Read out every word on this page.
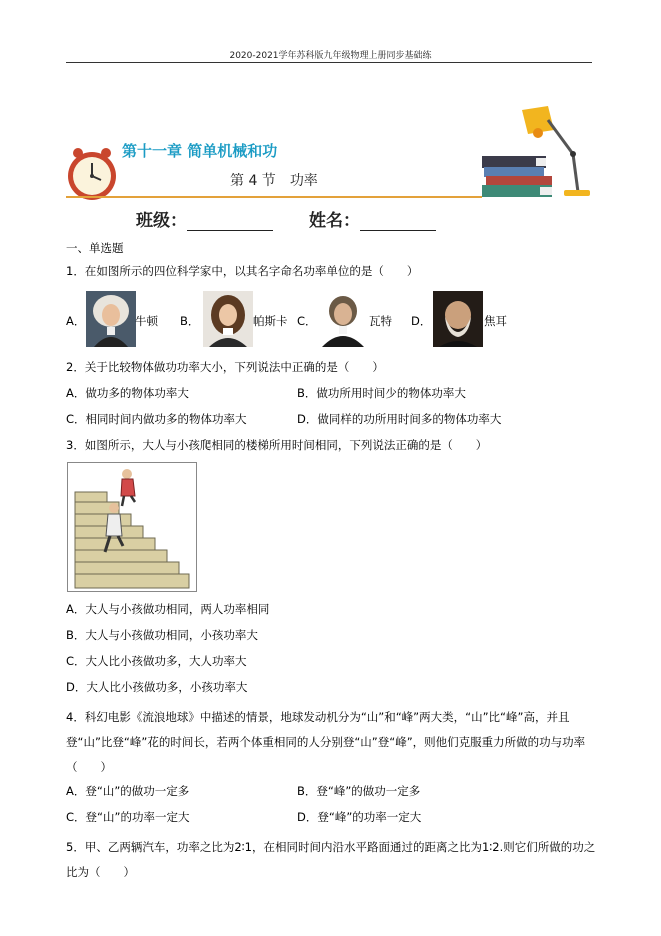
2020-2021学年苏科版九年级物理上册同步基础练
第十一章 简单机械和功
第 4 节 功率
班级：	姓名：
一、单选题
1．在如图所示的四位科学家中，以其名字命名功率单位的是（　　）
A．	牛顿 B．	帕斯卡 C．	瓦特 D．	焦耳
2．关于比较物体做功功率大小，下列说法中正确的是（　　）
A．做功多的物体功率大	B．做功所用时间少的物体功率大
C．相同时间内做功多的物体功率大	D．做同样的功所用时间多的物体功率大
3．如图所示，大人与小孩爬相同的楼梯所用时间相同，下列说法正确的是（　　）
A．大人与小孩做功相同，两人功率相同
B．大人与小孩做功相同，小孩功率大
C．大人比小孩做功多，大人功率大
D．大人比小孩做功多，小孩功率大
4．科幻电影《流浪地球》中描述的情景，地球发动机分为“山”和“峰”两大类，“山”比“峰”高，并且登“山”比登“峰”花的时间长，若两个体重相同的人分别登“山”登“峰”，则他们克服重力所做的功与功率（　　）
A．登“山”的做功一定多	B．登“峰”的做功一定多
C．登“山”的功率一定大	D．登“峰”的功率一定大
5．甲、乙两辆汽车，功率之比为2∶1，在相同时间内沿水平路面通过的距离之比为1∶2.则它们所做的功之比为（　　）
